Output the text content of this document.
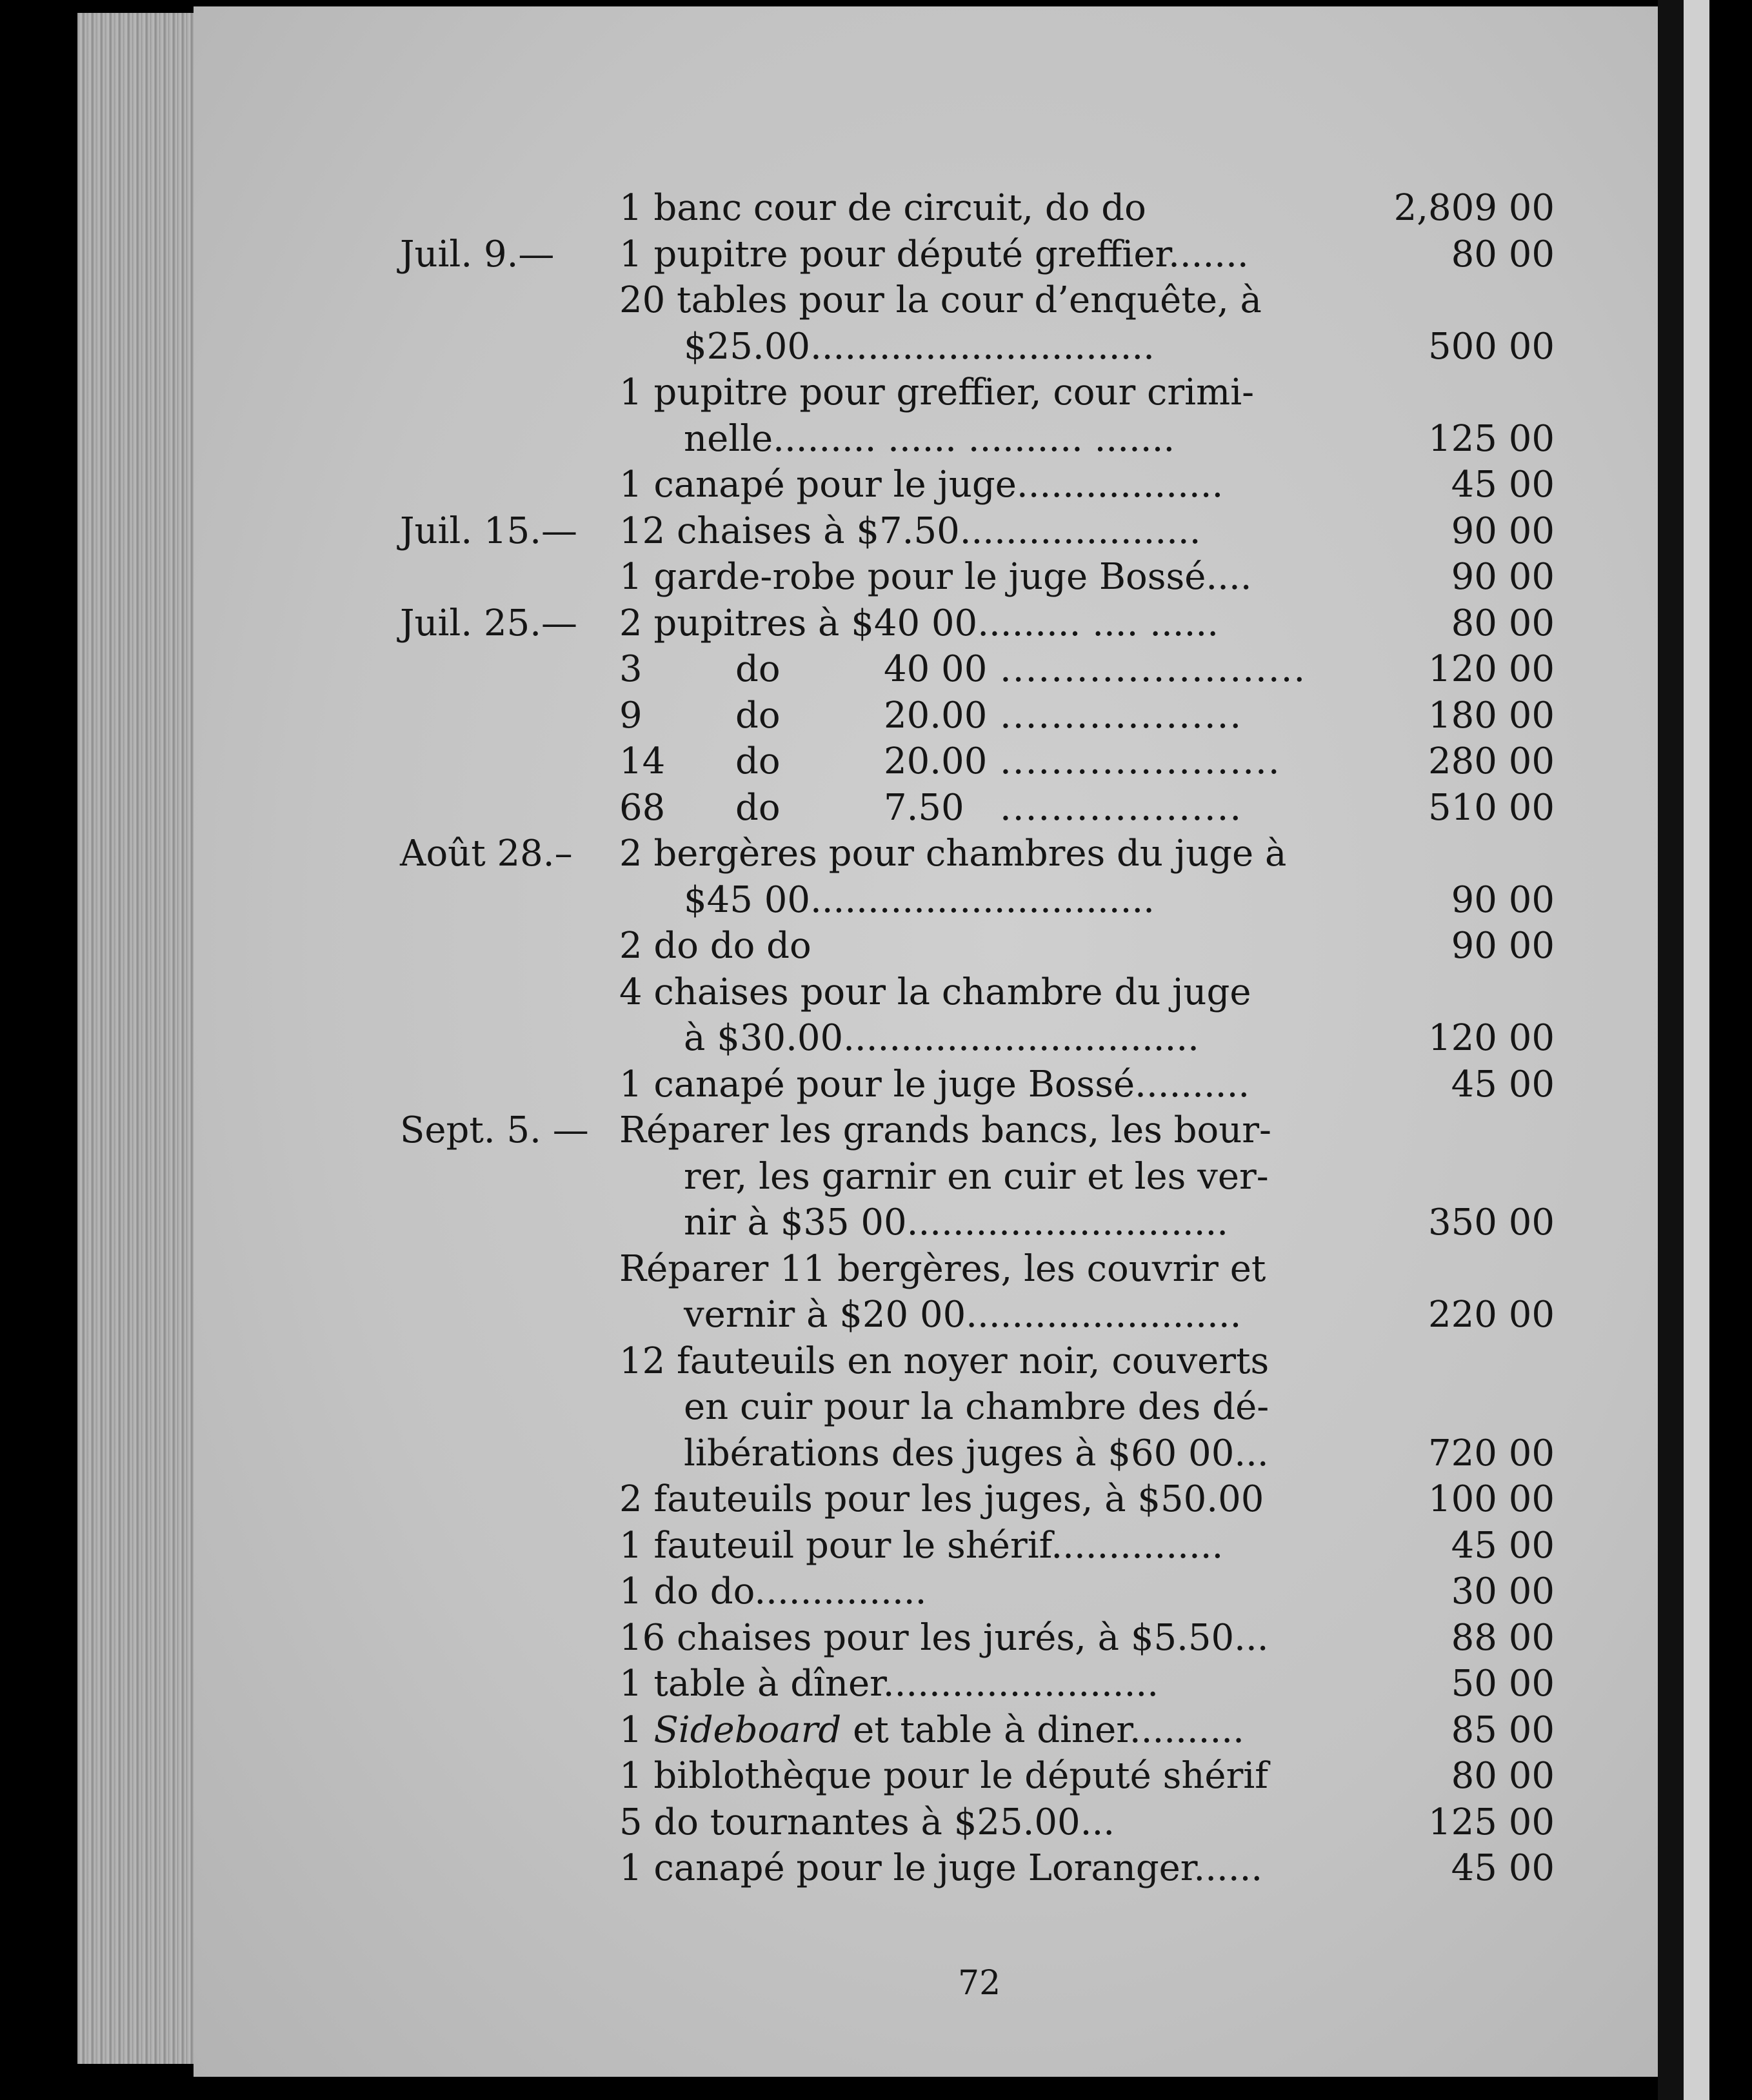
1 banc cour de circuit, do do	2,809 00
Juil. 9.— 1 pupitre pour député greffier.......	80 00
20 tables pour la cour d’enquête, à
$25.00..............................	500 00
1 pupitre pour greffier, cour crimi-
nelle......... ...... .......... .......	125 00
1 canapé pour le juge..................	45 00
Juil. 15.— 12 chaises à $7.50.....................	90 00
1 garde-robe pour le juge Bossé....	90 00
Juil. 25.— 2 pupitres à $40 00......... .... ......	80 00
3	do	40 00 ........................	120 00
9	do	20.00 ...................	180 00
14 do	20.00 ......................	280 00
68 do	7.50 ...................	510 00
Août 28.– 2 bergères pour chambres du juge à
$45 00..............................	90 00
2 do do do	90 00
4 chaises pour la chambre du juge
à $30.00...............................	120 00
1 canapé pour le juge Bossé..........	45 00
Sept. 5. — Réparer les grands bancs, les bour-
rer, les garnir en cuir et les ver-
nir à $35 00............................	350 00
Réparer 11 bergères, les couvrir et
vernir à $20 00........................	220 00
12 fauteuils en noyer noir, couverts
en cuir pour la chambre des dé-
libérations des juges à $60 00...	720 00
2 fauteuils pour les juges, à $50.00	100 00
1 fauteuil pour le shérif...............	45 00
1 do do...............	30 00
16 chaises pour les jurés, à $5.50...	88 00
1 table à dîner........................	50 00
1 Sideboard et table à diner..........	85 00
1 biblothèque pour le député shérif	80 00
5 do tournantes à $25.00...	125 00
1 canapé pour le juge Loranger......	45 00
72
